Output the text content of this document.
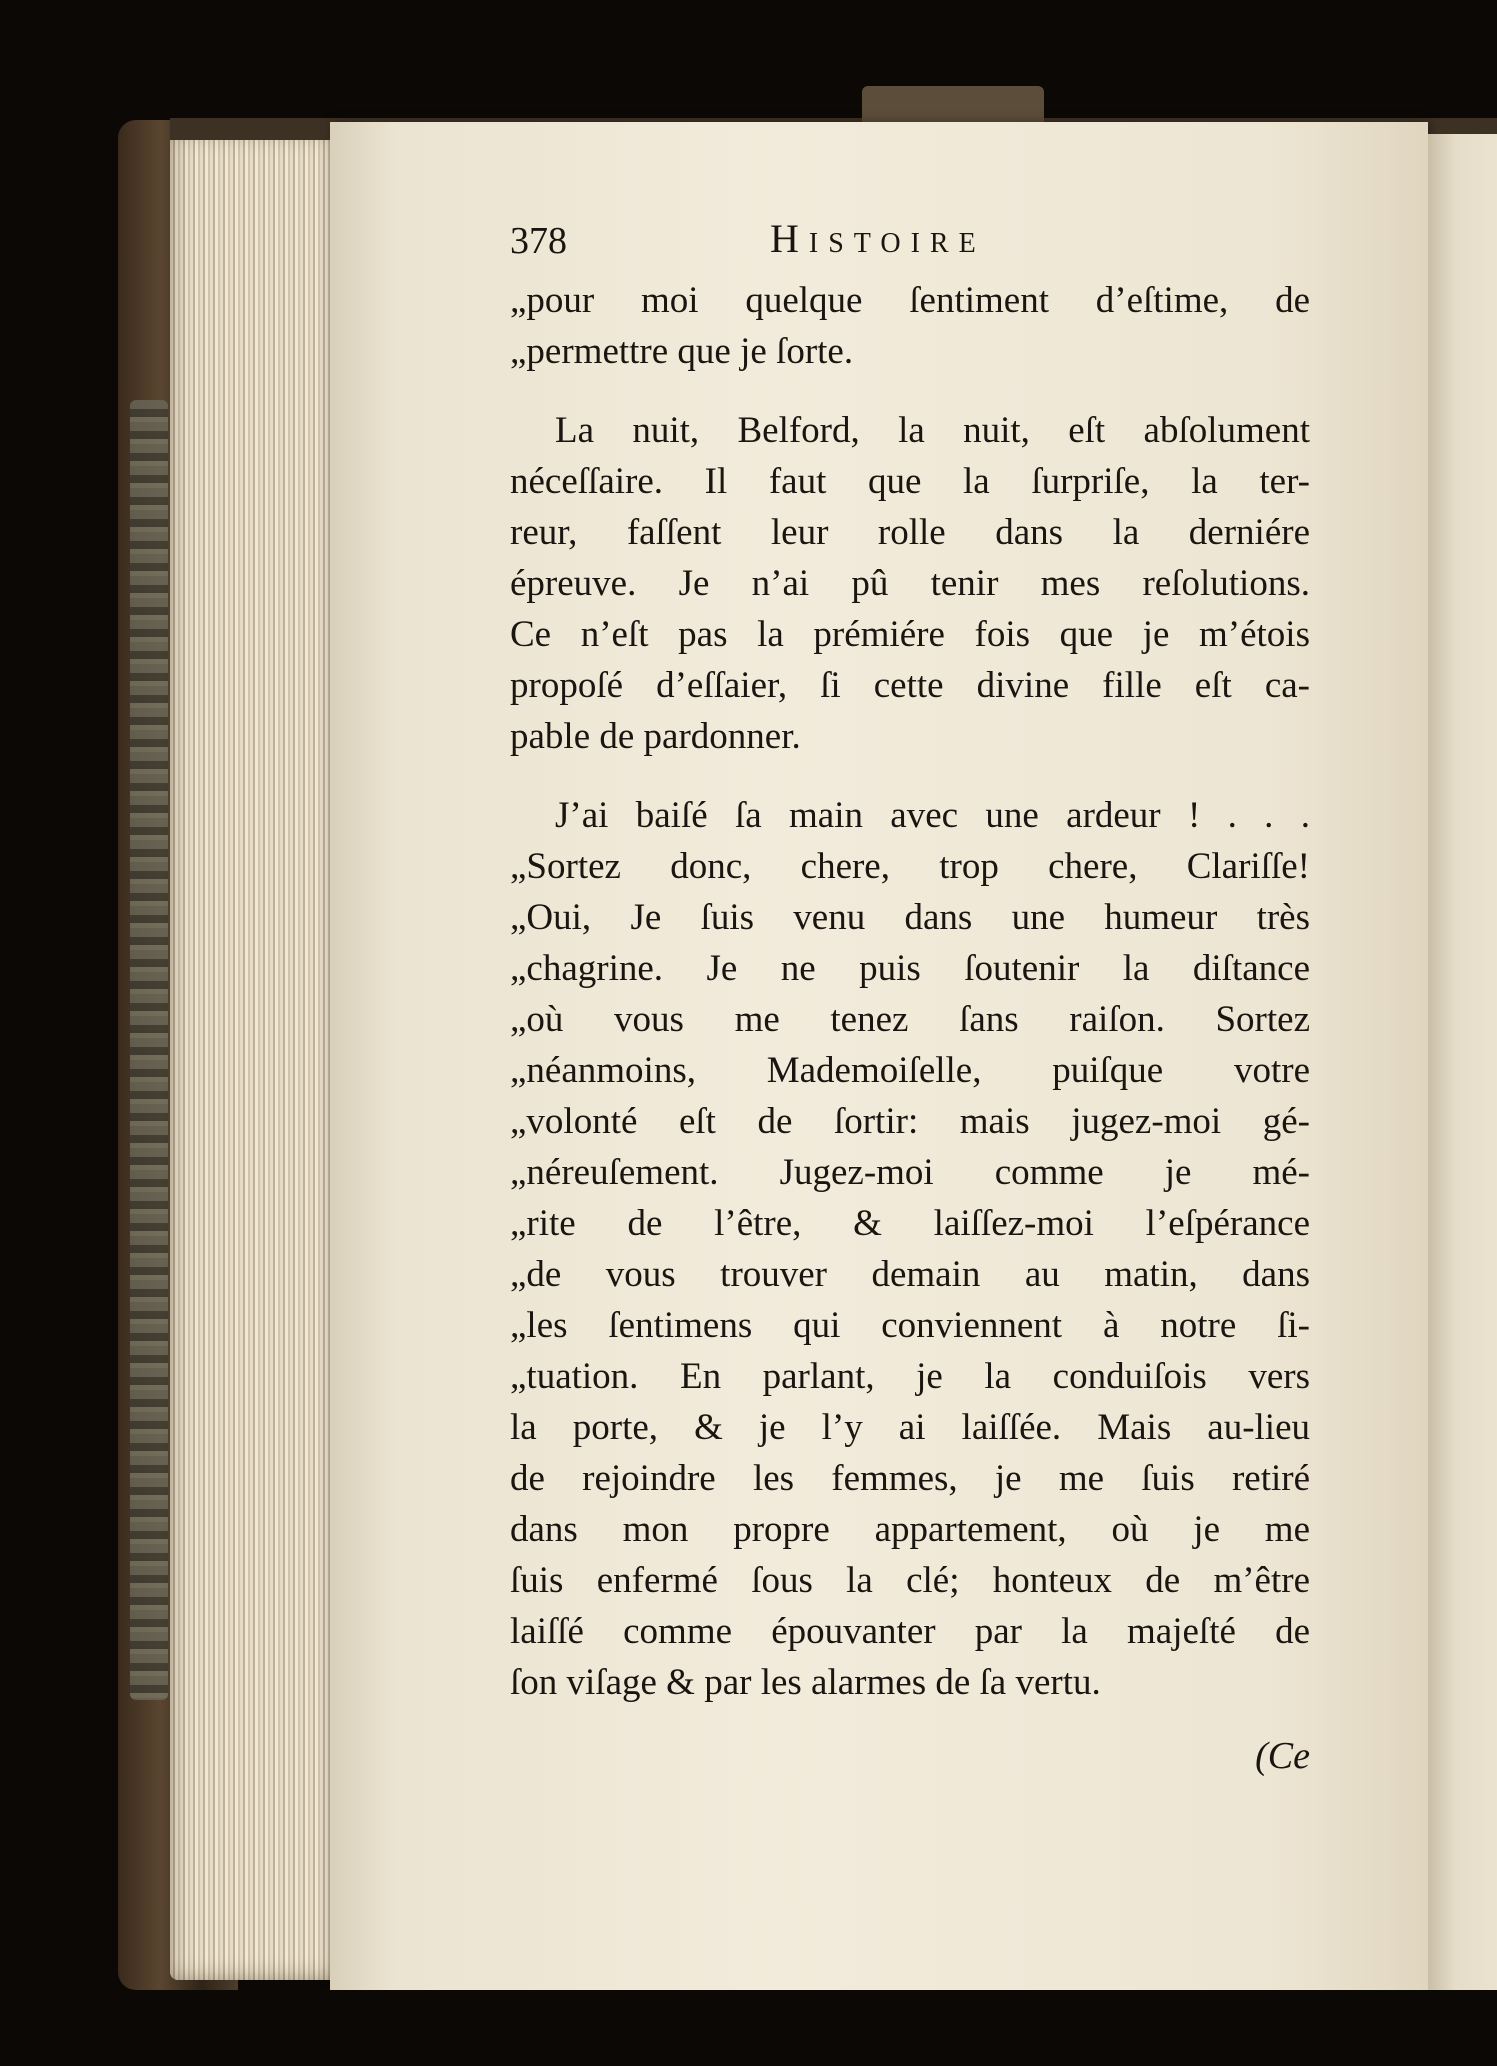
378	Histoire

„pour moi quelque ſentiment d’eſtime, de
„permettre que je ſorte.

La nuit, Belford, la nuit, eſt abſolument
néceſſaire. Il faut que la ſurpriſe, la ter-
reur, faſſent leur rolle dans la derniére
épreuve. Je n’ai pû tenir mes reſolutions.
Ce n’eſt pas la prémiére fois que je m’étois
propoſé d’eſſaier, ſi cette divine fille eſt ca-
pable de pardonner.

J’ai baiſé ſa main avec une ardeur ! . . .
„Sortez donc, chere, trop chere, Clariſſe!
„Oui, Je ſuis venu dans une humeur très
„chagrine. Je ne puis ſoutenir la diſtance
„où vous me tenez ſans raiſon. Sortez
„néanmoins, Mademoiſelle, puiſque votre
„volonté eſt de ſortir: mais jugez-moi gé-
„néreuſement. Jugez-moi comme je mé-
„rite de l’être, & laiſſez-moi l’eſpérance
„de vous trouver demain au matin, dans
„les ſentimens qui conviennent à notre ſi-
„tuation. En parlant, je la conduiſois vers
la porte, & je l’y ai laiſſée. Mais au-lieu
de rejoindre les femmes, je me ſuis retiré
dans mon propre appartement, où je me
ſuis enfermé ſous la clé; honteux de m’être
laiſſé comme épouvanter par la majeſté de
ſon viſage & par les alarmes de ſa vertu.

(Ce
